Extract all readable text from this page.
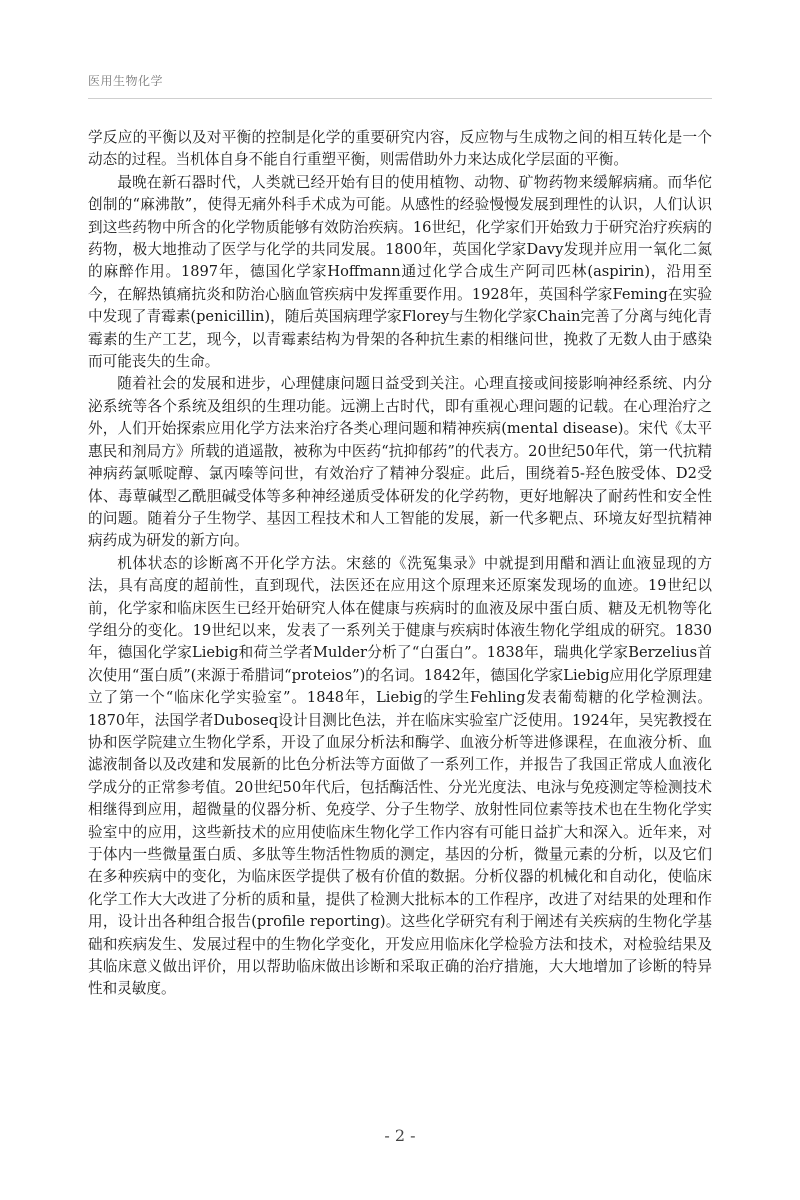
医用生物化学

学反应的平衡以及对平衡的控制是化学的重要研究内容，反应物与生成物之间的相互转化是一个动态的过程。当机体自身不能自行重塑平衡，则需借助外力来达成化学层面的平衡。

最晚在新石器时代，人类就已经开始有目的使用植物、动物、矿物药物来缓解病痛。而华佗创制的“麻沸散”，使得无痛外科手术成为可能。从感性的经验慢慢发展到理性的认识，人们认识到这些药物中所含的化学物质能够有效防治疾病。16世纪，化学家们开始致力于研究治疗疾病的药物，极大地推动了医学与化学的共同发展。1800年，英国化学家Davy发现并应用一氧化二氮的麻醉作用。1897年，德国化学家Hoffmann通过化学合成生产阿司匹林(aspirin)，沿用至今，在解热镇痛抗炎和防治心脑血管疾病中发挥重要作用。1928年，英国科学家Feming在实验中发现了青霉素(penicillin)，随后英国病理学家Florey与生物化学家Chain完善了分离与纯化青霉素的生产工艺，现今，以青霉素结构为骨架的各种抗生素的相继问世，挽救了无数人由于感染而可能丧失的生命。

随着社会的发展和进步，心理健康问题日益受到关注。心理直接或间接影响神经系统、内分泌系统等各个系统及组织的生理功能。远溯上古时代，即有重视心理问题的记载。在心理治疗之外，人们开始探索应用化学方法来治疗各类心理问题和精神疾病(mental disease)。宋代《太平惠民和剂局方》所载的逍遥散，被称为中医药“抗抑郁药”的代表方。20世纪50年代，第一代抗精神病药氯哌啶醇、氯丙嗪等问世，有效治疗了精神分裂症。此后，围绕着5-羟色胺受体、D2受体、毒蕈碱型乙酰胆碱受体等多种神经递质受体研发的化学药物，更好地解决了耐药性和安全性的问题。随着分子生物学、基因工程技术和人工智能的发展，新一代多靶点、环境友好型抗精神病药成为研发的新方向。

机体状态的诊断离不开化学方法。宋慈的《洗冤集录》中就提到用醋和酒让血液显现的方法，具有高度的超前性，直到现代，法医还在应用这个原理来还原案发现场的血迹。19世纪以前，化学家和临床医生已经开始研究人体在健康与疾病时的血液及尿中蛋白质、糖及无机物等化学组分的变化。19世纪以来，发表了一系列关于健康与疾病时体液生物化学组成的研究。1830年，德国化学家Liebig和荷兰学者Mulder分析了“白蛋白”。1838年，瑞典化学家Berzelius首次使用“蛋白质”(来源于希腊词“proteios”)的名词。1842年，德国化学家Liebig应用化学原理建立了第一个“临床化学实验室”。1848年，Liebig的学生Fehling发表葡萄糖的化学检测法。1870年，法国学者Duboseq设计目测比色法，并在临床实验室广泛使用。1924年，吴宪教授在协和医学院建立生物化学系，开设了血尿分析法和酶学、血液分析等进修课程，在血液分析、血滤液制备以及改建和发展新的比色分析法等方面做了一系列工作，并报告了我国正常成人血液化学成分的正常参考值。20世纪50年代后，包括酶活性、分光光度法、电泳与免疫测定等检测技术相继得到应用，超微量的仪器分析、免疫学、分子生物学、放射性同位素等技术也在生物化学实验室中的应用，这些新技术的应用使临床生物化学工作内容有可能日益扩大和深入。近年来，对于体内一些微量蛋白质、多肽等生物活性物质的测定，基因的分析，微量元素的分析，以及它们在多种疾病中的变化，为临床医学提供了极有价值的数据。分析仪器的机械化和自动化，使临床化学工作大大改进了分析的质和量，提供了检测大批标本的工作程序，改进了对结果的处理和作用，设计出各种组合报告(profile reporting)。这些化学研究有利于阐述有关疾病的生物化学基础和疾病发生、发展过程中的生物化学变化，开发应用临床化学检验方法和技术，对检验结果及其临床意义做出评价，用以帮助临床做出诊断和采取正确的治疗措施，大大地增加了诊断的特异性和灵敏度。

- 2 -
